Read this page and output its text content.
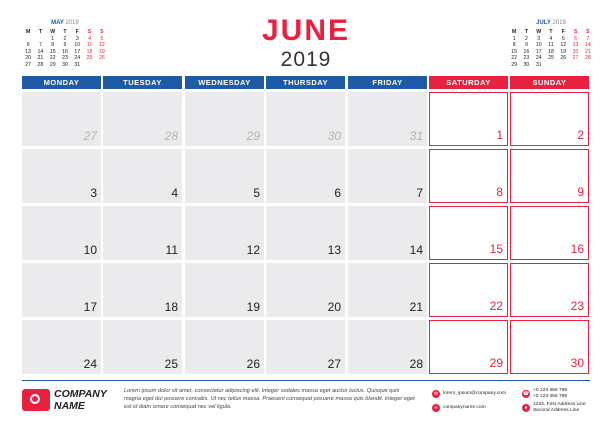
MAY 2019
M	T	W	T	F	S	S
		1	2	3	4	5
6	7	8	9	10	11	12
13	14	15	16	17	18	19
20	21	22	23	24	25	26
27	28	29	30	31		
JULY 2019
M	T	W	T	F	S	S
1	2	3	4	5	6	7
8	9	10	11	12	13	14
15	16	17	18	19	20	21
22	23	24	25	26	27	28
29	30	31				
JUNE
2019
MONDAY	TUESDAY	WEDNESDAY	THURSDAY	FRIDAY	SATURDAY	SUNDAY
27	28	29	30	31	1	2
3	4	5	6	7	8	9
10	11	12	13	14	15	16
17	18	19	20	21	22	23
24	25	26	27	28	29	30
COMPANY
NAME
Lorem ipsum dolor sit amet, consectetur adipiscing elit. Integer sodales massa eget auctor luctus. Quisque quis magna eget dui posuere convallis. Ut nec tellus massa. Praesent consequat posuere massa quis blandit. Integer eget est id diam ornare consequat nec vel ligula.
✉	lorem_ipsum@company.com
∞	companyname.com
☎
+0 123 456 789
+0 123 456 789
●
1234, First Address Line
Second Address Line
